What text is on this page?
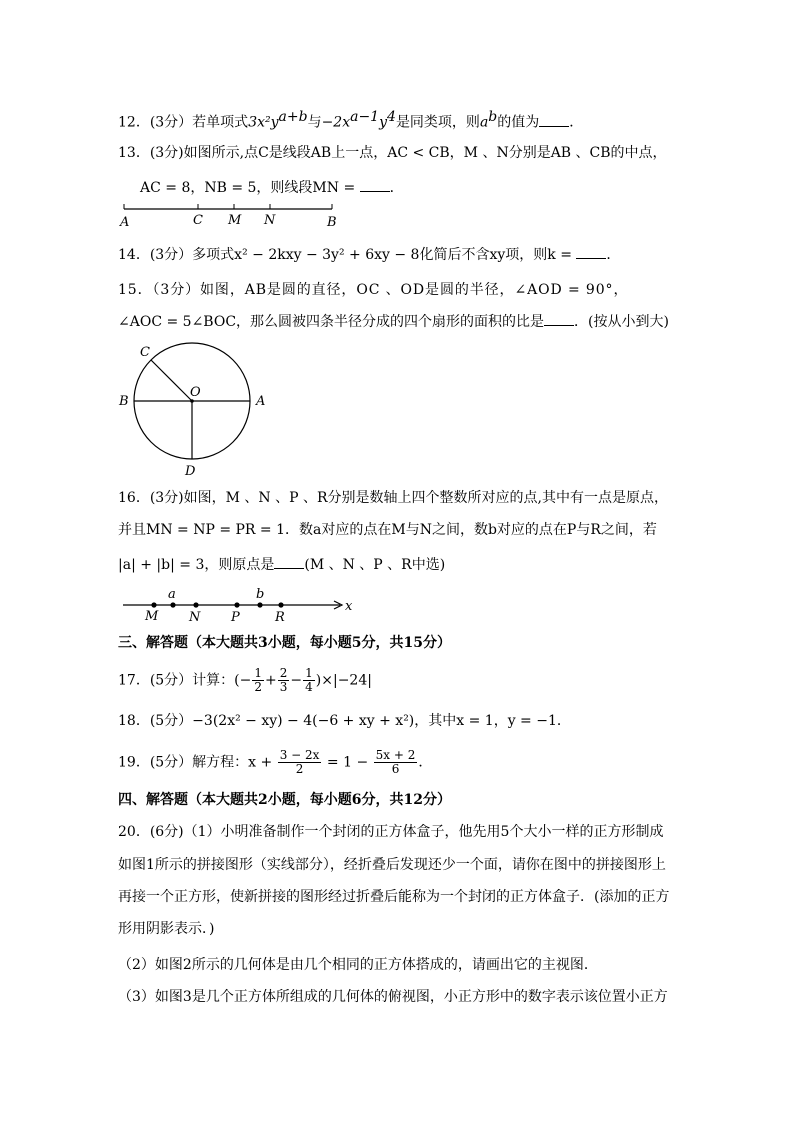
12．(3分）若单项式$3x^2y^{a+b}$与$-2x^{a-1}y^4$是同类项，则$a^b$的值为 ．
13．(3分)如图所示,点C是线段AB上一点，AC < CB，M 、N分别是AB 、CB的中点，
AC = 8，NB = 5，则线段MN = ．
A	C M N	B
14．(3分）多项式x² − 2kxy − 3y² + 6xy − 8化简后不含xy项，则k = ．
15．（3分）如图，AB是圆的直径，OC 、OD是圆的半径，∠AOD = 90°，
∠AOC = 5∠BOC，那么圆被四条半径分成的四个扇形的面积的比是 ．(按从小到大)
C
O
B	A
D
16．(3分)如图，M 、N 、P 、R分别是数轴上四个整数所对应的点,其中有一点是原点，
并且MN = NP = PR = 1．数a对应的点在M与N之间，数b对应的点在P与R之间，若
|a| + |b| = 3，则原点是 (M 、N 、P 、R中选)
M
a
N P
b
R
x
三、解答题（本大题共3小题，每小题5分，共15分）
17．(5分）计算：(− $\frac{1}{2} + \frac{2}{3} - \frac{1}{4} )\times|-24|$
18．(5分）−3(2x² − xy) − 4(−6 + xy + x²)，其中x = 1，y = −1．
19．(5分）解方程：$x + \frac{3 - 2x}{2} = 1 - \frac{5x + 2}{6}$ ．
四、解答题（本大题共2小题，每小题6分，共12分）
20．(6分)（1）小明准备制作一个封闭的正方体盒子，他先用5个大小一样的正方形制成
如图1所示的拼接图形（实线部分），经折叠后发现还少一个面，请你在图中的拼接图形上
再接一个正方形，使新拼接的图形经过折叠后能称为一个封闭的正方体盒子．(添加的正方
形用阴影表示．)
（2）如图2所示的几何体是由几个相同的正方体搭成的，请画出它的主视图．
（3）如图3是几个正方体所组成的几何体的俯视图，小正方形中的数字表示该位置小正方
